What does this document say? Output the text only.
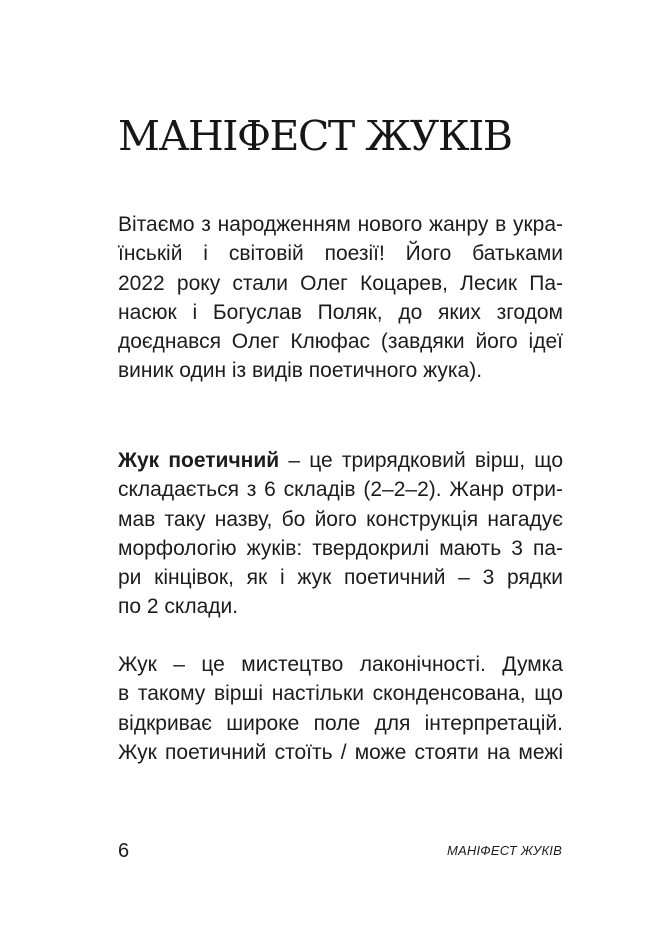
МАНІФЕСТ ЖУКІВ

Вітаємо з народженням нового жанру в укра-
їнській і світовій поезії! Його батьками
2022 року стали Олег Коцарев, Лесик Па-
насюк і Богуслав Поляк, до яких згодом
доєднався Олег Клюфас (завдяки його ідеї
виник один із видів поетичного жука).

Жук поетичний – це трирядковий вірш, що
складається з 6 складів (2–2–2). Жанр отри-
мав таку назву, бо його конструкція нагадує
морфологію жуків: твердокрилі мають 3 па-
ри кінцівок, як і жук поетичний – 3 рядки
по 2 склади.

Жук – це мистецтво лаконічності. Думка
в такому вірші настільки сконденсована, що
відкриває широке поле для інтерпретацій.
Жук поетичний стоїть / може стояти на межі

6	МАНІФЕСТ ЖУКІВ
